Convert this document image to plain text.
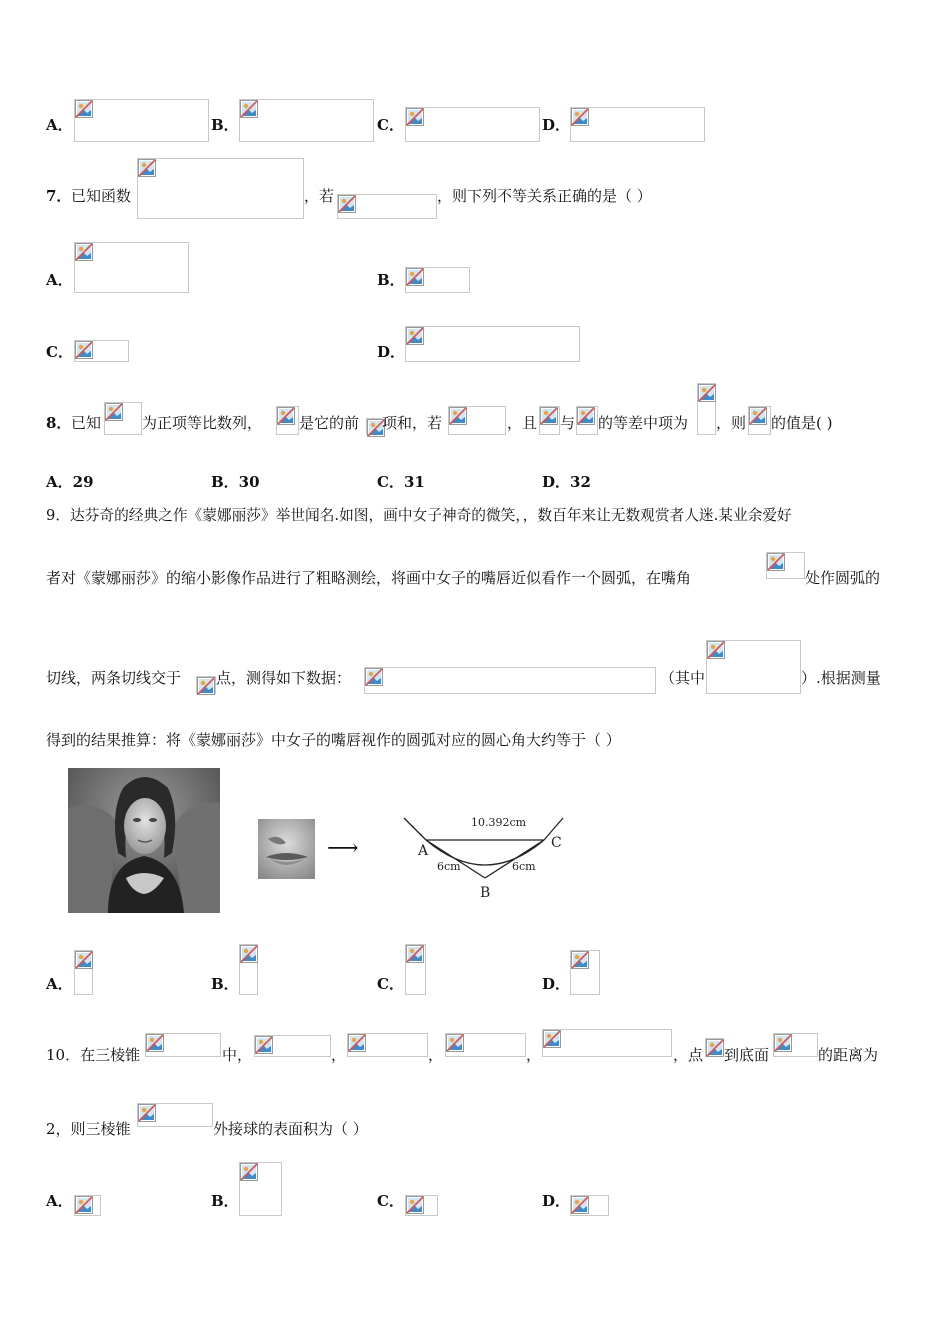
A．	B．	C．	D．
7． 已知函数	，若	，则下列不等关系正确的是（ ）
A．	B．
C．	D．
8． 已知	为正项等比数列， 是它的前 项和，若	，且 与 的等差中项为 ，则 的值是( )
A．29	B．30	C．31	D．32
9．达芬奇的经典之作《蒙娜丽莎》举世闻名.如图，画中女子神奇的微笑，，数百年来让无数观赏者人迷.某业余爱好
者对《蒙娜丽莎》的缩小影像作品进行了粗略测绘，将画中女子的嘴唇近似看作一个圆弧，在嘴角	处作圆弧的
切线，两条切线交于 点，测得如下数据：	（其中	）.根据测量
得到的结果推算：将《蒙娜丽莎》中女子的嘴唇视作的圆弧对应的圆心角大约等于（ ）
⟶
10.392cm
A
B
C
6cm	6cm
A．	B．	C．	D．
10．在三棱锥	中，	，	，	，	，点 到底面	的距离为
2，则三棱锥	外接球的表面积为（ ）
A．	B．	C．	D．
